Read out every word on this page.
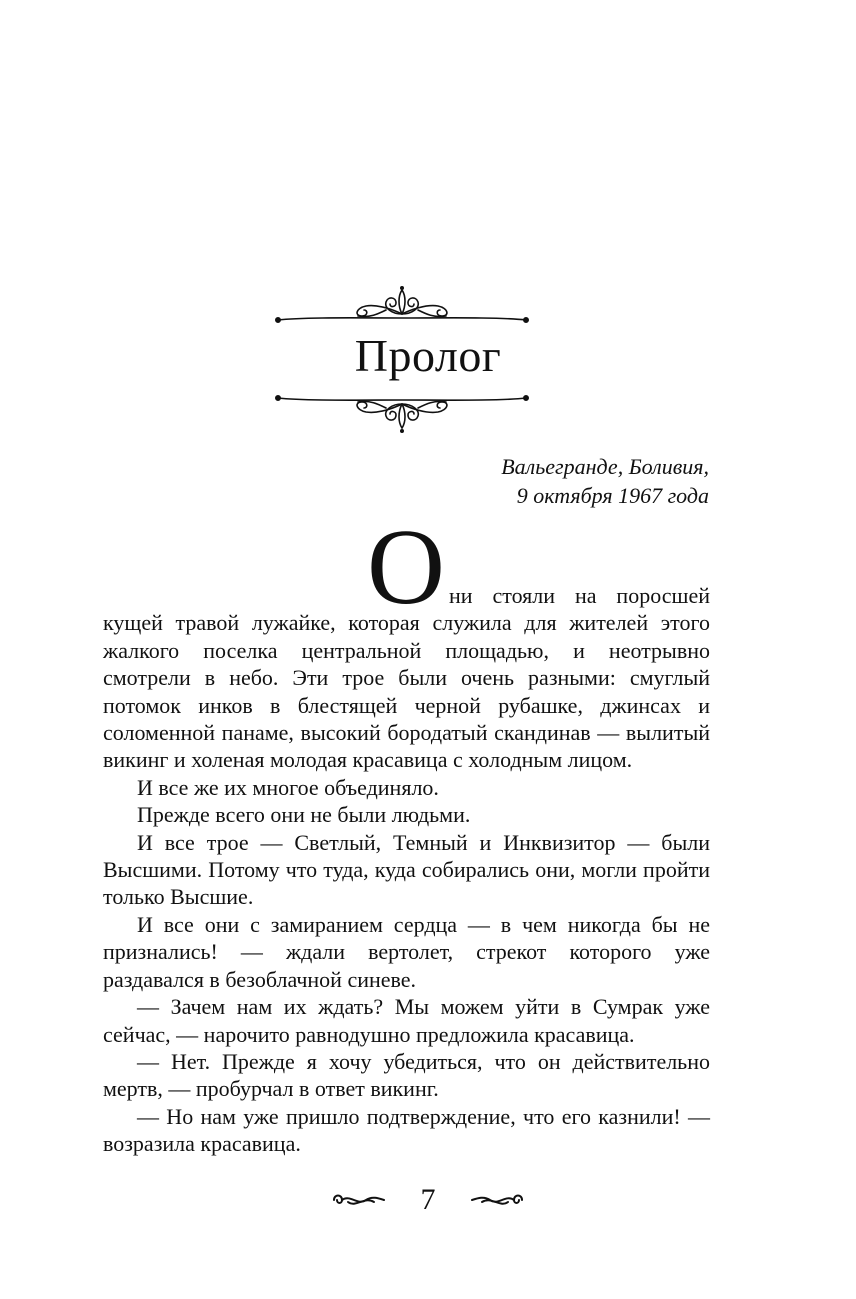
Пролог
Вальегранде, Боливия,
9 октября 1967 года

Они стояли на поросшей кущей травой лужайке, которая служила для жителей этого жалкого поселка центральной площадью, и неотрывно смотрели в небо. Эти трое были очень разными: смуглый потомок инков в блестящей черной рубашке, джинсах и соломенной панаме, высокий бородатый скандинав — вылитый викинг и холеная молодая красавица с холодным лицом.

И все же их многое объединяло.

Прежде всего они не были людьми.

И все трое — Светлый, Темный и Инквизитор — были Высшими. Потому что туда, куда собирались они, могли пройти только Высшие.

И все они с замиранием сердца — в чем никогда бы не признались! — ждали вертолет, стрекот которого уже раздавался в безоблачной синеве.

— Зачем нам их ждать? Мы можем уйти в Сумрак уже сейчас, — нарочито равнодушно предложила красавица.

— Нет. Прежде я хочу убедиться, что он действительно мертв, — пробурчал в ответ викинг.

— Но нам уже пришло подтверждение, что его казнили! — возразила красавица.

7
